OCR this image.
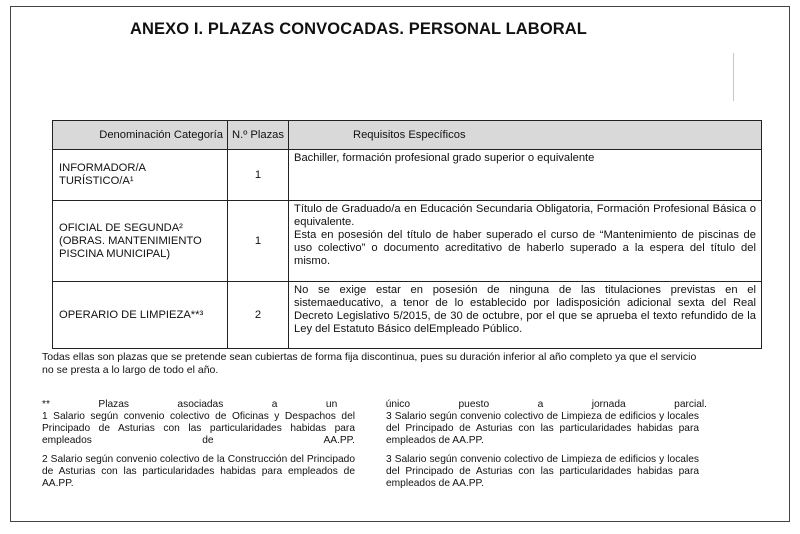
ANEXO I. PLAZAS CONVOCADAS. PERSONAL LABORAL
Denominación Categoría	N.º Plazas	Requisitos Específicos
INFORMADOR/A TURÍSTICO/A¹	1	Bachiller, formación profesional grado superior o equivalente
OFICIAL DE SEGUNDA² (OBRAS. MANTENIMIENTO PISCINA MUNICIPAL)	1	Título de Graduado/a en Educación Secundaria Obligatoria, Formación Profesional Básica o equivalente.
Esta en posesión del título de haber superado el curso de “Mantenimiento de piscinas de uso colectivo” o documento acreditativo de haberlo superado a la espera del título del mismo.

OPERARIO DE LIMPIEZA**³	2	No se exige estar en posesión de ninguna de las titulaciones previstas en el sistemaeducativo, a tenor de lo establecido por ladisposición adicional sexta del Real Decreto Legislativo 5/2015, de 30 de octubre, por el que se aprueba el texto refundido de la Ley del Estatuto Básico delEmpleado Público.
Todas ellas son plazas que se pretende sean cubiertas de forma fija discontinua, pues su duración inferior al año completo ya que el servicio no se presta a lo largo de todo el año.
** Plazas asociadas a un único puesto a jornada parcial.
1 Salario según convenio colectivo de Oficinas y Despachos del Principado de Asturias con las particularidades habidas para empleados de AA.PP.
2 Salario según convenio colectivo de la Construcción del Principado de Asturias con las particularidades habidas para empleados de AA.PP.
3 Salario según convenio colectivo de Limpieza de edificios y locales del Principado de Asturias con las particularidades habidas para empleados de AA.PP.
3 Salario según convenio colectivo de Limpieza de edificios y locales del Principado de Asturias con las particularidades habidas para empleados de AA.PP.
